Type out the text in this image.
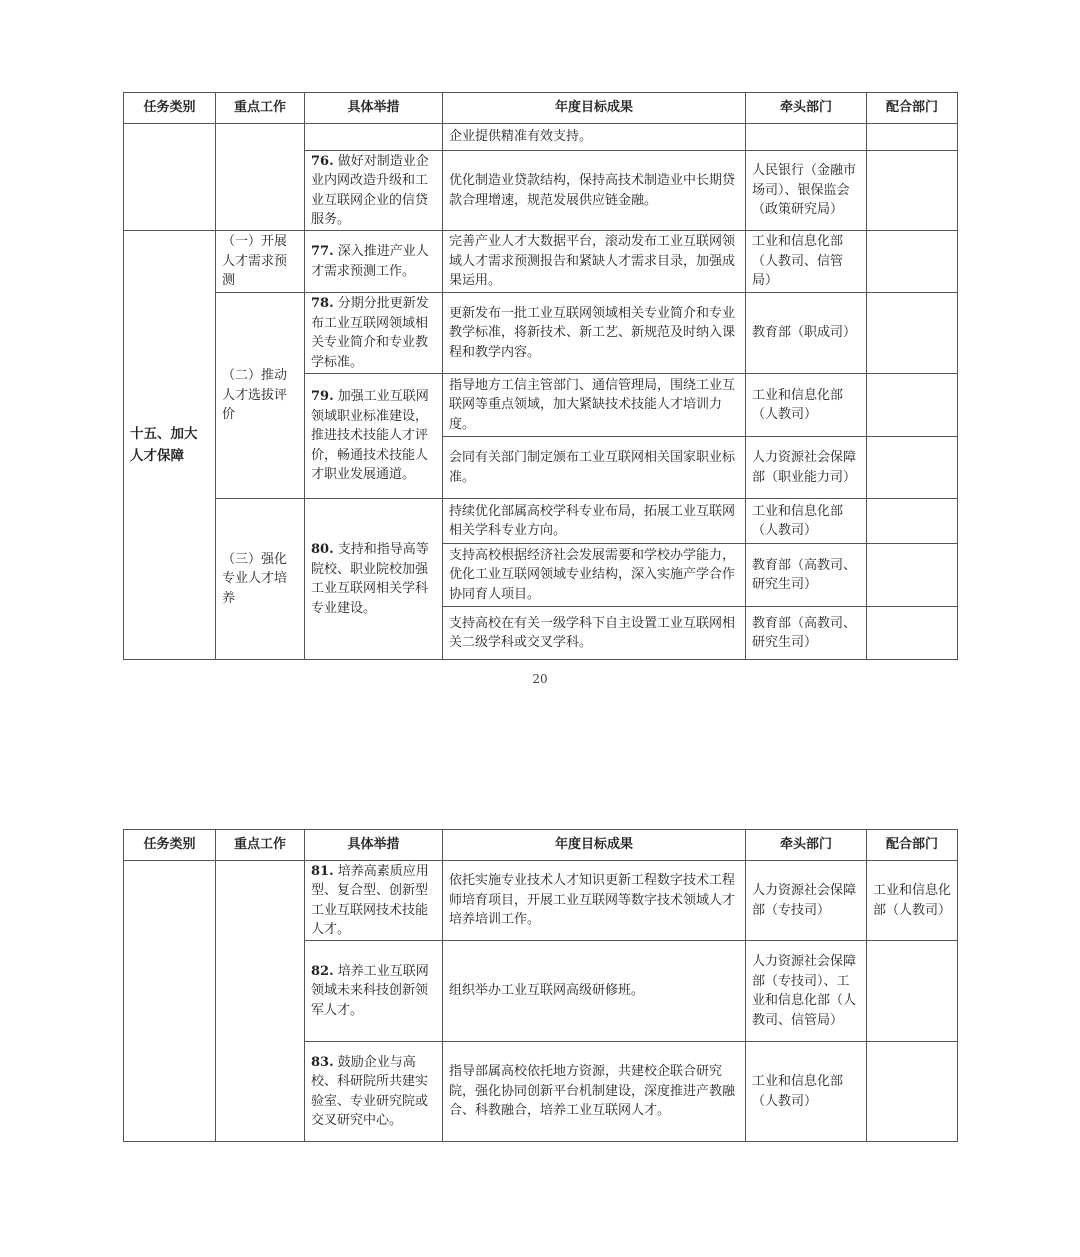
任务类别	重点工作	具体举措	年度目标成果	牵头部门	配合部门
			企业提供精准有效支持。		
		76. 做好对制造业企业内网改造升级和工业互联网企业的信贷服务。	优化制造业贷款结构，保持高技术制造业中长期贷款合理增速，规范发展供应链金融。	人民银行（金融市场司）、银保监会（政策研究局）	
十五、加大人才保障	（一）开展人才需求预测	77. 深入推进产业人才需求预测工作。	完善产业人才大数据平台，滚动发布工业互联网领域人才需求预测报告和紧缺人才需求目录，加强成果运用。	工业和信息化部（人教司、信管局）	
	（二）推动人才选拔评价	78. 分期分批更新发布工业互联网领域相关专业简介和专业教学标准。	更新发布一批工业互联网领域相关专业简介和专业教学标准，将新技术、新工艺、新规范及时纳入课程和教学内容。	教育部（职成司）	
		79. 加强工业互联网领域职业标准建设，推进技术技能人才评价，畅通技术技能人才职业发展通道。	指导地方工信主管部门、通信管理局，围绕工业互联网等重点领域，加大紧缺技术技能人才培训力度。	工业和信息化部（人教司）	
			会同有关部门制定颁布工业互联网相关国家职业标准。	人力资源社会保障部（职业能力司）	
	（三）强化专业人才培养	80. 支持和指导高等院校、职业院校加强工业互联网相关学科专业建设。	持续优化部属高校学科专业布局，拓展工业互联网相关学科专业方向。	工业和信息化部（人教司）	
			支持高校根据经济社会发展需要和学校办学能力，优化工业互联网领域专业结构，深入实施产学合作协同育人项目。	教育部（高教司、研究生司）	
			支持高校在有关一级学科下自主设置工业互联网相关二级学科或交叉学科。	教育部（高教司、研究生司）	
20
任务类别	重点工作	具体举措	年度目标成果	牵头部门	配合部门
		81. 培养高素质应用型、复合型、创新型工业互联网技术技能人才。	依托实施专业技术人才知识更新工程数字技术工程师培育项目，开展工业互联网等数字技术领域人才培养培训工作。	人力资源社会保障部（专技司）	工业和信息化部（人教司）
		82. 培养工业互联网领域未来科技创新领军人才。	组织举办工业互联网高级研修班。	人力资源社会保障部（专技司）、工业和信息化部（人教司、信管局）	
		83. 鼓励企业与高校、科研院所共建实验室、专业研究院或交叉研究中心。	指导部属高校依托地方资源，共建校企联合研究院，强化协同创新平台机制建设，深度推进产教融合、科教融合，培养工业互联网人才。	工业和信息化部（人教司）	
